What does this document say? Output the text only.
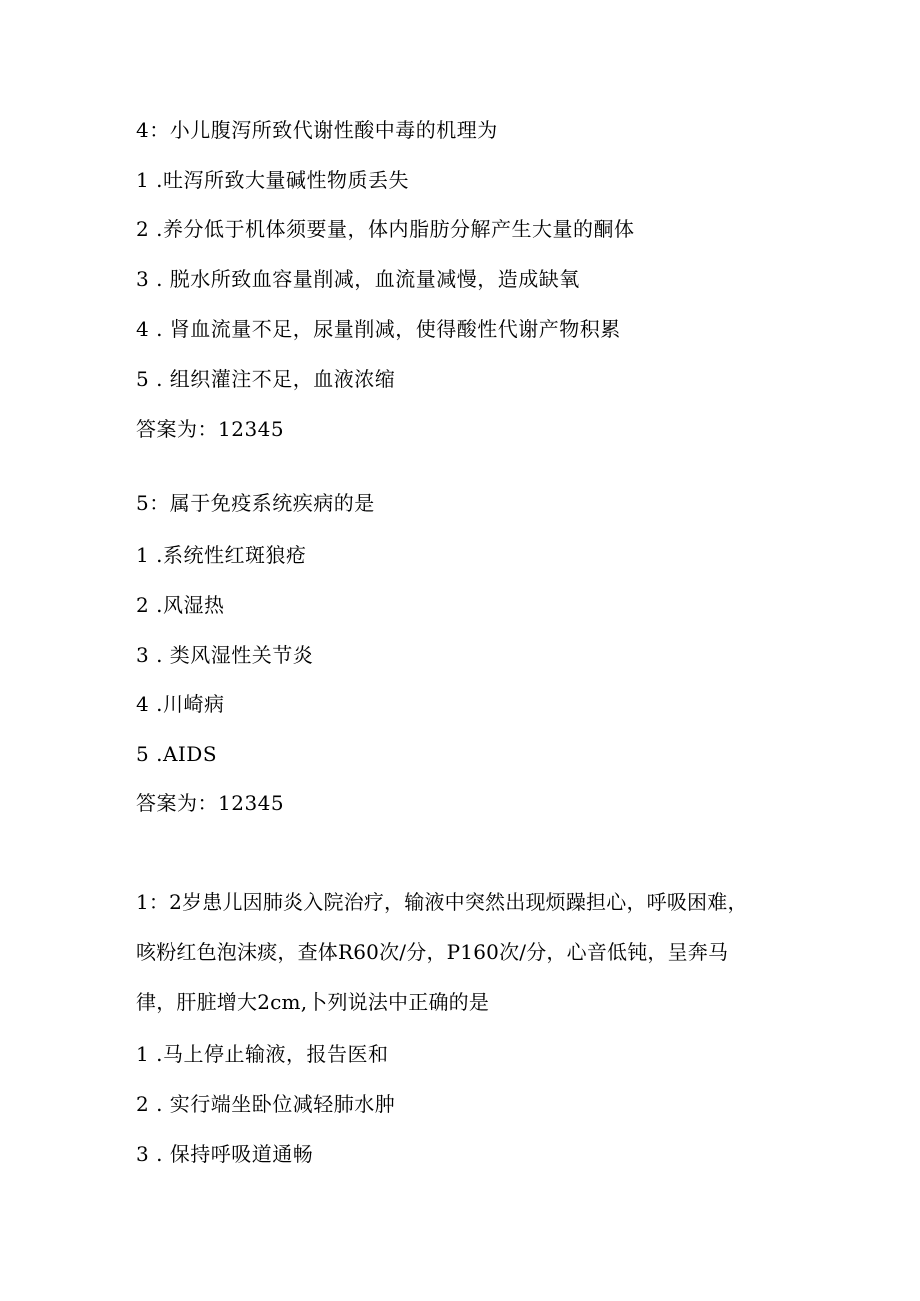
4：小儿腹泻所致代谢性酸中毒的机理为
1 .吐泻所致大量碱性物质丢失
2 .养分低于机体须要量，体内脂肪分解产生大量的酮体
3 . 脱水所致血容量削减，血流量减慢，造成缺氧
4 . 肾血流量不足，尿量削减，使得酸性代谢产物积累
5 . 组织灌注不足，血液浓缩
答案为：12345
5：属于免疫系统疾病的是
1 .系统性红斑狼疮
2 .风湿热
3 . 类风湿性关节炎
4 .川崎病
5 .AIDS
答案为：12345
1：2岁患儿因肺炎入院治疗，输液中突然出现烦躁担心，呼吸困难，
咳粉红色泡沫痰，查体R60次/分，P160次/分，心音低钝，呈奔马
律，肝脏增大2cm,卜列说法中正确的是
1 .马上停止输液，报告医和
2 . 实行端坐卧位减轻肺水肿
3 . 保持呼吸道通畅
